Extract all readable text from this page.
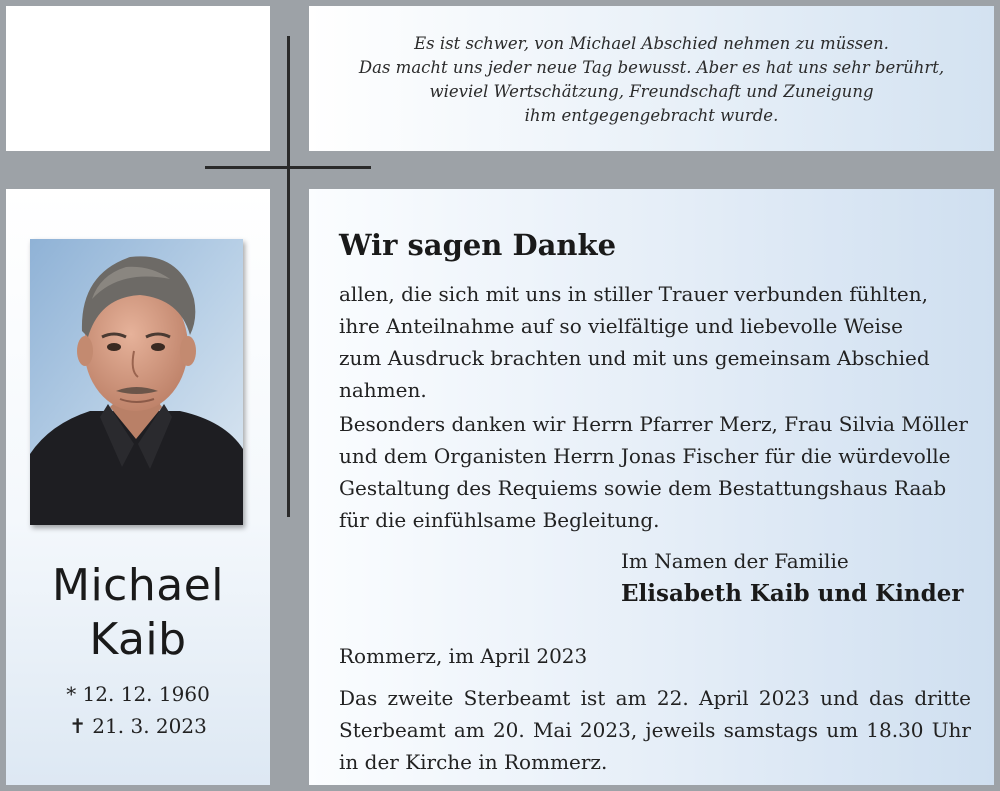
Es ist schwer, von Michael Abschied nehmen zu müssen.
Das macht uns jeder neue Tag bewusst. Aber es hat uns sehr berührt,
wieviel Wertschätzung, Freundschaft und Zuneigung
ihm entgegengebracht wurde.
Michael
Kaib
* 12. 12. 1960
✝ 21. 3. 2023
Wir sagen Danke
allen, die sich mit uns in stiller Trauer verbunden fühlten,
ihre Anteilnahme auf so vielfältige und liebevolle Weise
zum Ausdruck brachten und mit uns gemeinsam Abschied
nahmen.
Besonders danken wir Herrn Pfarrer Merz, Frau Silvia Möller
und dem Organisten Herrn Jonas Fischer für die würdevolle
Gestaltung des Requiems sowie dem Bestattungshaus Raab
für die einfühlsame Begleitung.
Im Namen der Familie
Elisabeth Kaib und Kinder
Rommerz, im April 2023
Das zweite Sterbeamt ist am 22. April 2023 und das dritte
Sterbeamt am 20. Mai 2023, jeweils samstags um 18.30 Uhr
in der Kirche in Rommerz.
